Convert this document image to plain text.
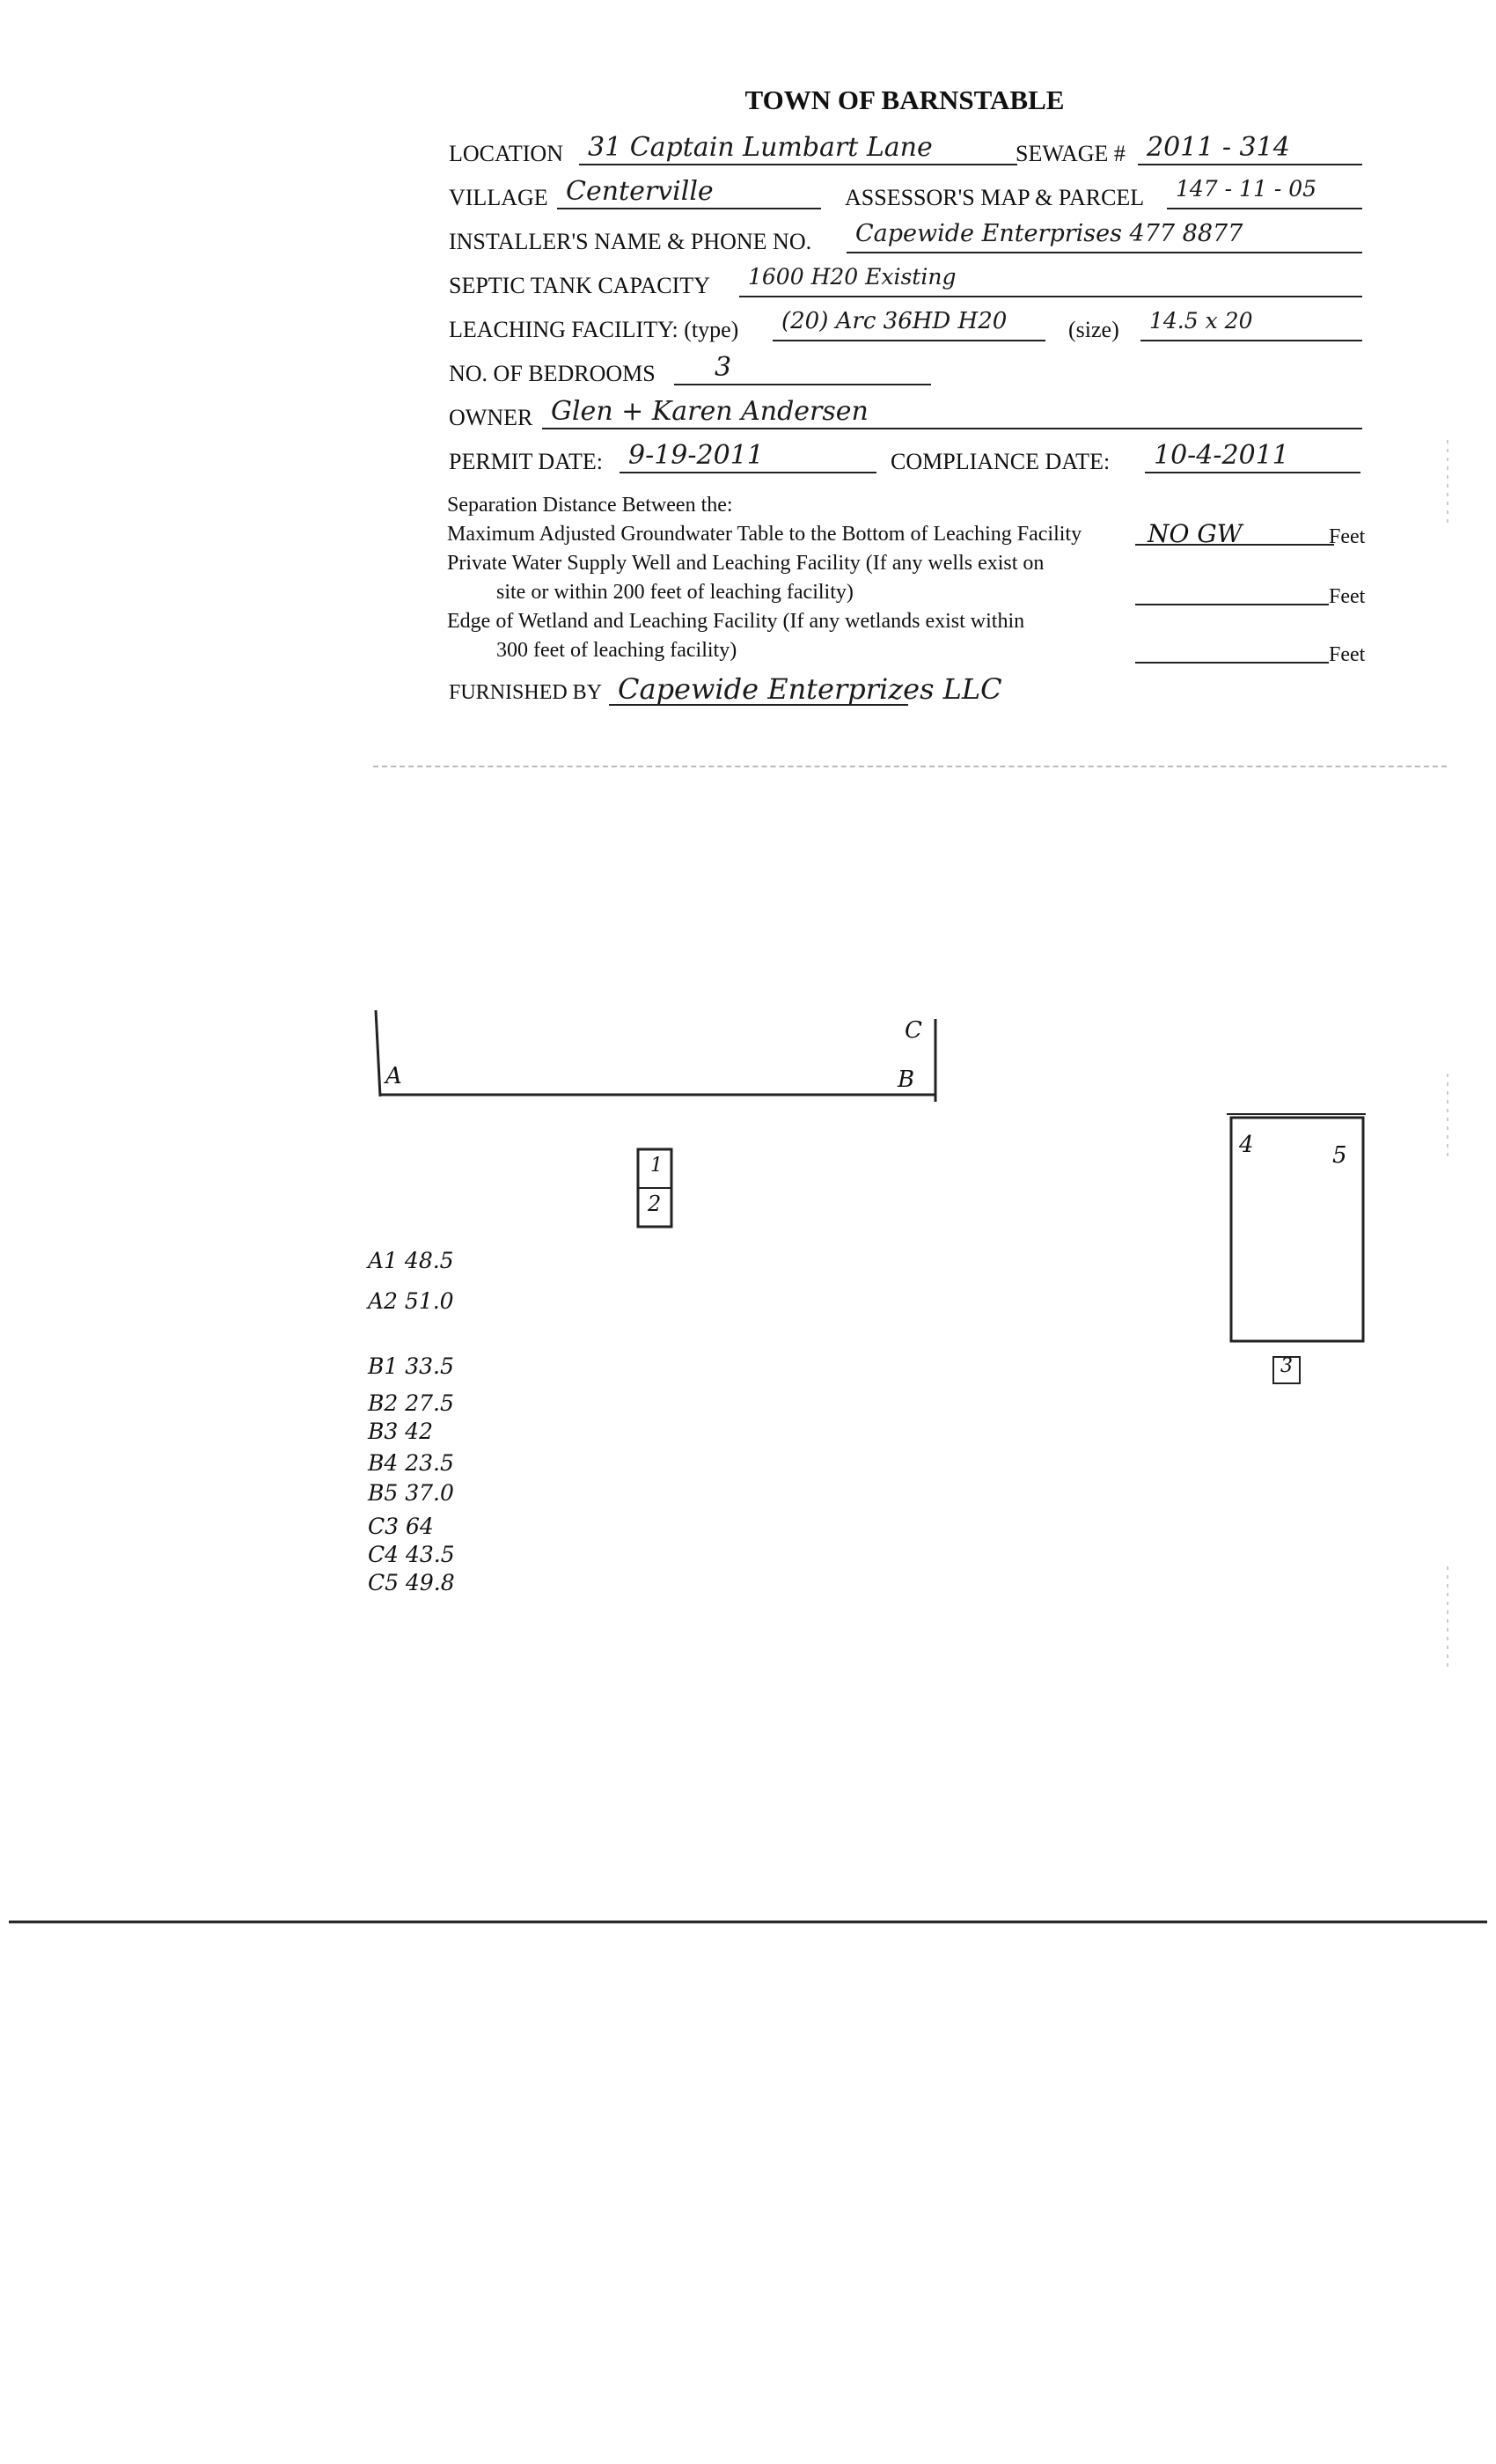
TOWN OF BARNSTABLE
LOCATION 31 Captain Lumbart Lane	SEWAGE # 2011 - 314
VILLAGE Centerville	ASSESSOR'S MAP & PARCEL	147 - 11 - 05
INSTALLER'S NAME & PHONE NO.	Capewide Enterprises 477 8877
SEPTIC TANK CAPACITY	1600 H20 Existing
LEACHING FACILITY: (type)	(20) Arc 36HD H20	(size)	14.5 x 20
NO. OF BEDROOMS	3
OWNER Glen + Karen Andersen
PERMIT DATE: 9-19-2011	COMPLIANCE DATE:	10-4-2011
Separation Distance Between the:
Maximum Adjusted Groundwater Table to the Bottom of Leaching Facility	NO GW	Feet
Private Water Supply Well and Leaching Facility (If any wells exist on
site or within 200 feet of leaching facility)	Feet
Edge of Wetland and Leaching Facility (If any wetlands exist within
300 feet of leaching facility)	Feet
FURNISHED BY Capewide Enterprizes LLC
A	B
C
1
2
4	5
3
A1 48.5
A2 51.0
B1 33.5
B2 27.5
B3 42
B4 23.5
B5 37.0
C3 64
C4 43.5
C5 49.8
